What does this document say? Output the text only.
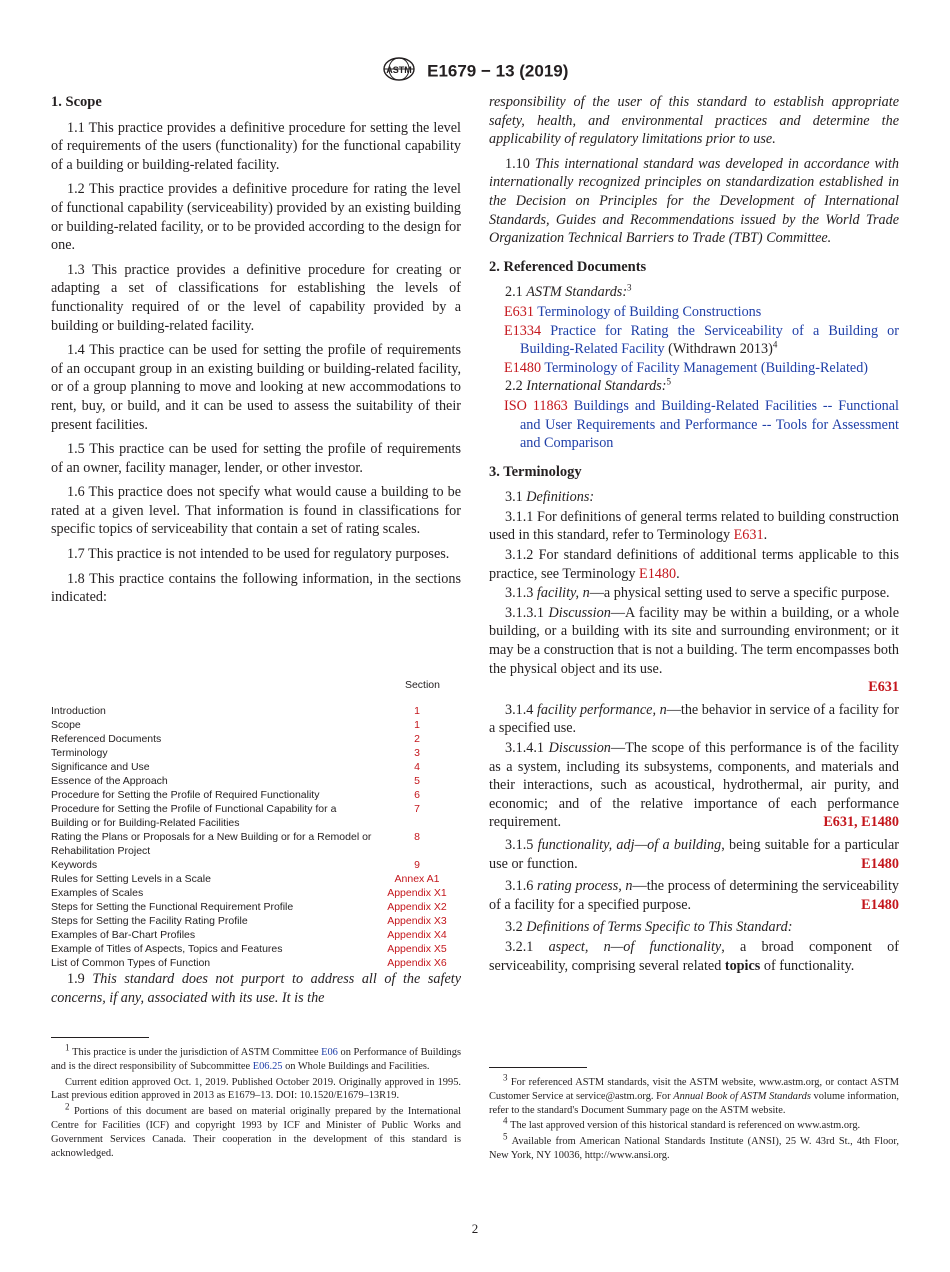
ASTM E1679 − 13 (2019)
1. Scope

1.1 This practice provides a definitive procedure for setting the level of requirements of the users (functionality) for the functional capability of a building or building-related facility.

1.2 This practice provides a definitive procedure for rating the level of functional capability (serviceability) provided by an existing building or building-related facility, or to be provided according to the design for one.

1.3 This practice provides a definitive procedure for creating or adapting a set of classifications for establishing the levels of functionality required of or the level of capability provided by a building or building-related facility.

1.4 This practice can be used for setting the profile of requirements of an occupant group in an existing building or building-related facility, or of a group planning to move and looking at new accommodations to rent, buy, or build, and it can be used to assess the suitability of their present facilities.

1.5 This practice can be used for setting the profile of requirements of an owner, facility manager, lender, or other investor.

1.6 This practice does not specify what would cause a building to be rated at a given level. That information is found in classifications for specific topics of serviceability that contain a set of rating scales.

1.7 This practice is not intended to be used for regulatory purposes.

1.8 This practice contains the following information, in the sections indicated:

Section
Introduction	1
Scope	1
Referenced Documents	2
Terminology	3
Significance and Use	4
Essence of the Approach	5
Procedure for Setting the Profile of Required Functionality	6
Procedure for Setting the Profile of Functional Capability for a Building or for Building-Related Facilities
7
Rating the Plans or Proposals for a New Building or for a Remodel or Rehabilitation Project
8
Keywords	9
Rules for Setting Levels in a Scale	Annex A1
Examples of Scales	Appendix X1
Steps for Setting the Functional Requirement Profile	Appendix X2
Steps for Setting the Facility Rating Profile	Appendix X3
Examples of Bar-Chart Profiles	Appendix X4
Example of Titles of Aspects, Topics and Features	Appendix X5
List of Common Types of Function	Appendix X6

1.9 This standard does not purport to address all of the safety concerns, if any, associated with its use. It is the

$^1$ This practice is under the jurisdiction of ASTM Committee E06 on Performance of Buildings and is the direct responsibility of Subcommittee E06.25 on Whole Buildings and Facilities.

Current edition approved Oct. 1, 2019. Published October 2019. Originally approved in 1995. Last previous edition approved in 2013 as E1679–13. DOI: 10.1520/E1679–13R19.

$^2$ Portions of this document are based on material originally prepared by the International Centre for Facilities (ICF) and copyright 1993 by ICF and Minister of Public Works and Government Services Canada. Their cooperation in the development of this standard is acknowledged.

responsibility of the user of this standard to establish appropriate safety, health, and environmental practices and determine the applicability of regulatory limitations prior to use.

1.10 This international standard was developed in accordance with internationally recognized principles on standardization established in the Decision on Principles for the Development of International Standards, Guides and Recommendations issued by the World Trade Organization Technical Barriers to Trade (TBT) Committee.

2. Referenced Documents

2.1 ASTM Standards:$^3$

E631 Terminology of Building Constructions

E1334 Practice for Rating the Serviceability of a Building or Building-Related Facility (Withdrawn 2013)$^4$

E1480 Terminology of Facility Management (Building-Related)

2.2 International Standards:$^5$

ISO 11863 Buildings and Building-Related Facilities -- Functional and User Requirements and Performance -- Tools for Assessment and Comparison

3. Terminology

3.1 Definitions:

3.1.1 For definitions of general terms related to building construction used in this standard, refer to Terminology E631.

3.1.2 For standard definitions of additional terms applicable to this practice, see Terminology E1480.

3.1.3 facility, n—a physical setting used to serve a specific purpose.

3.1.3.1 Discussion—A facility may be within a building, or a whole building, or a building with its site and surrounding environment; or it may be a construction that is not a building. The term encompasses both the physical object and its use.

E631

3.1.4 facility performance, n—the behavior in service of a facility for a specified use.

3.1.4.1 Discussion—The scope of this performance is of the facility as a system, including its subsystems, components, and materials and their interactions, such as acoustical, hydrothermal, air purity, and economic; and of the relative importance of each performance requirement.	E631, E1480

3.1.5 functionality, adj—of a building, being suitable for a particular use or function.	E1480

3.1.6 rating process, n—the process of determining the serviceability of a facility for a specified purpose.	E1480

3.2 Definitions of Terms Specific to This Standard:

3.2.1 aspect, n—of functionality, a broad component of serviceability, comprising several related topics of functionality.

$^3$ For referenced ASTM standards, visit the ASTM website, www.astm.org, or contact ASTM Customer Service at service@astm.org. For Annual Book of ASTM Standards volume information, refer to the standard's Document Summary page on the ASTM website.

$^4$ The last approved version of this historical standard is referenced on www.astm.org.

$^5$ Available from American National Standards Institute (ANSI), 25 W. 43rd St., 4th Floor, New York, NY 10036, http://www.ansi.org.

2
